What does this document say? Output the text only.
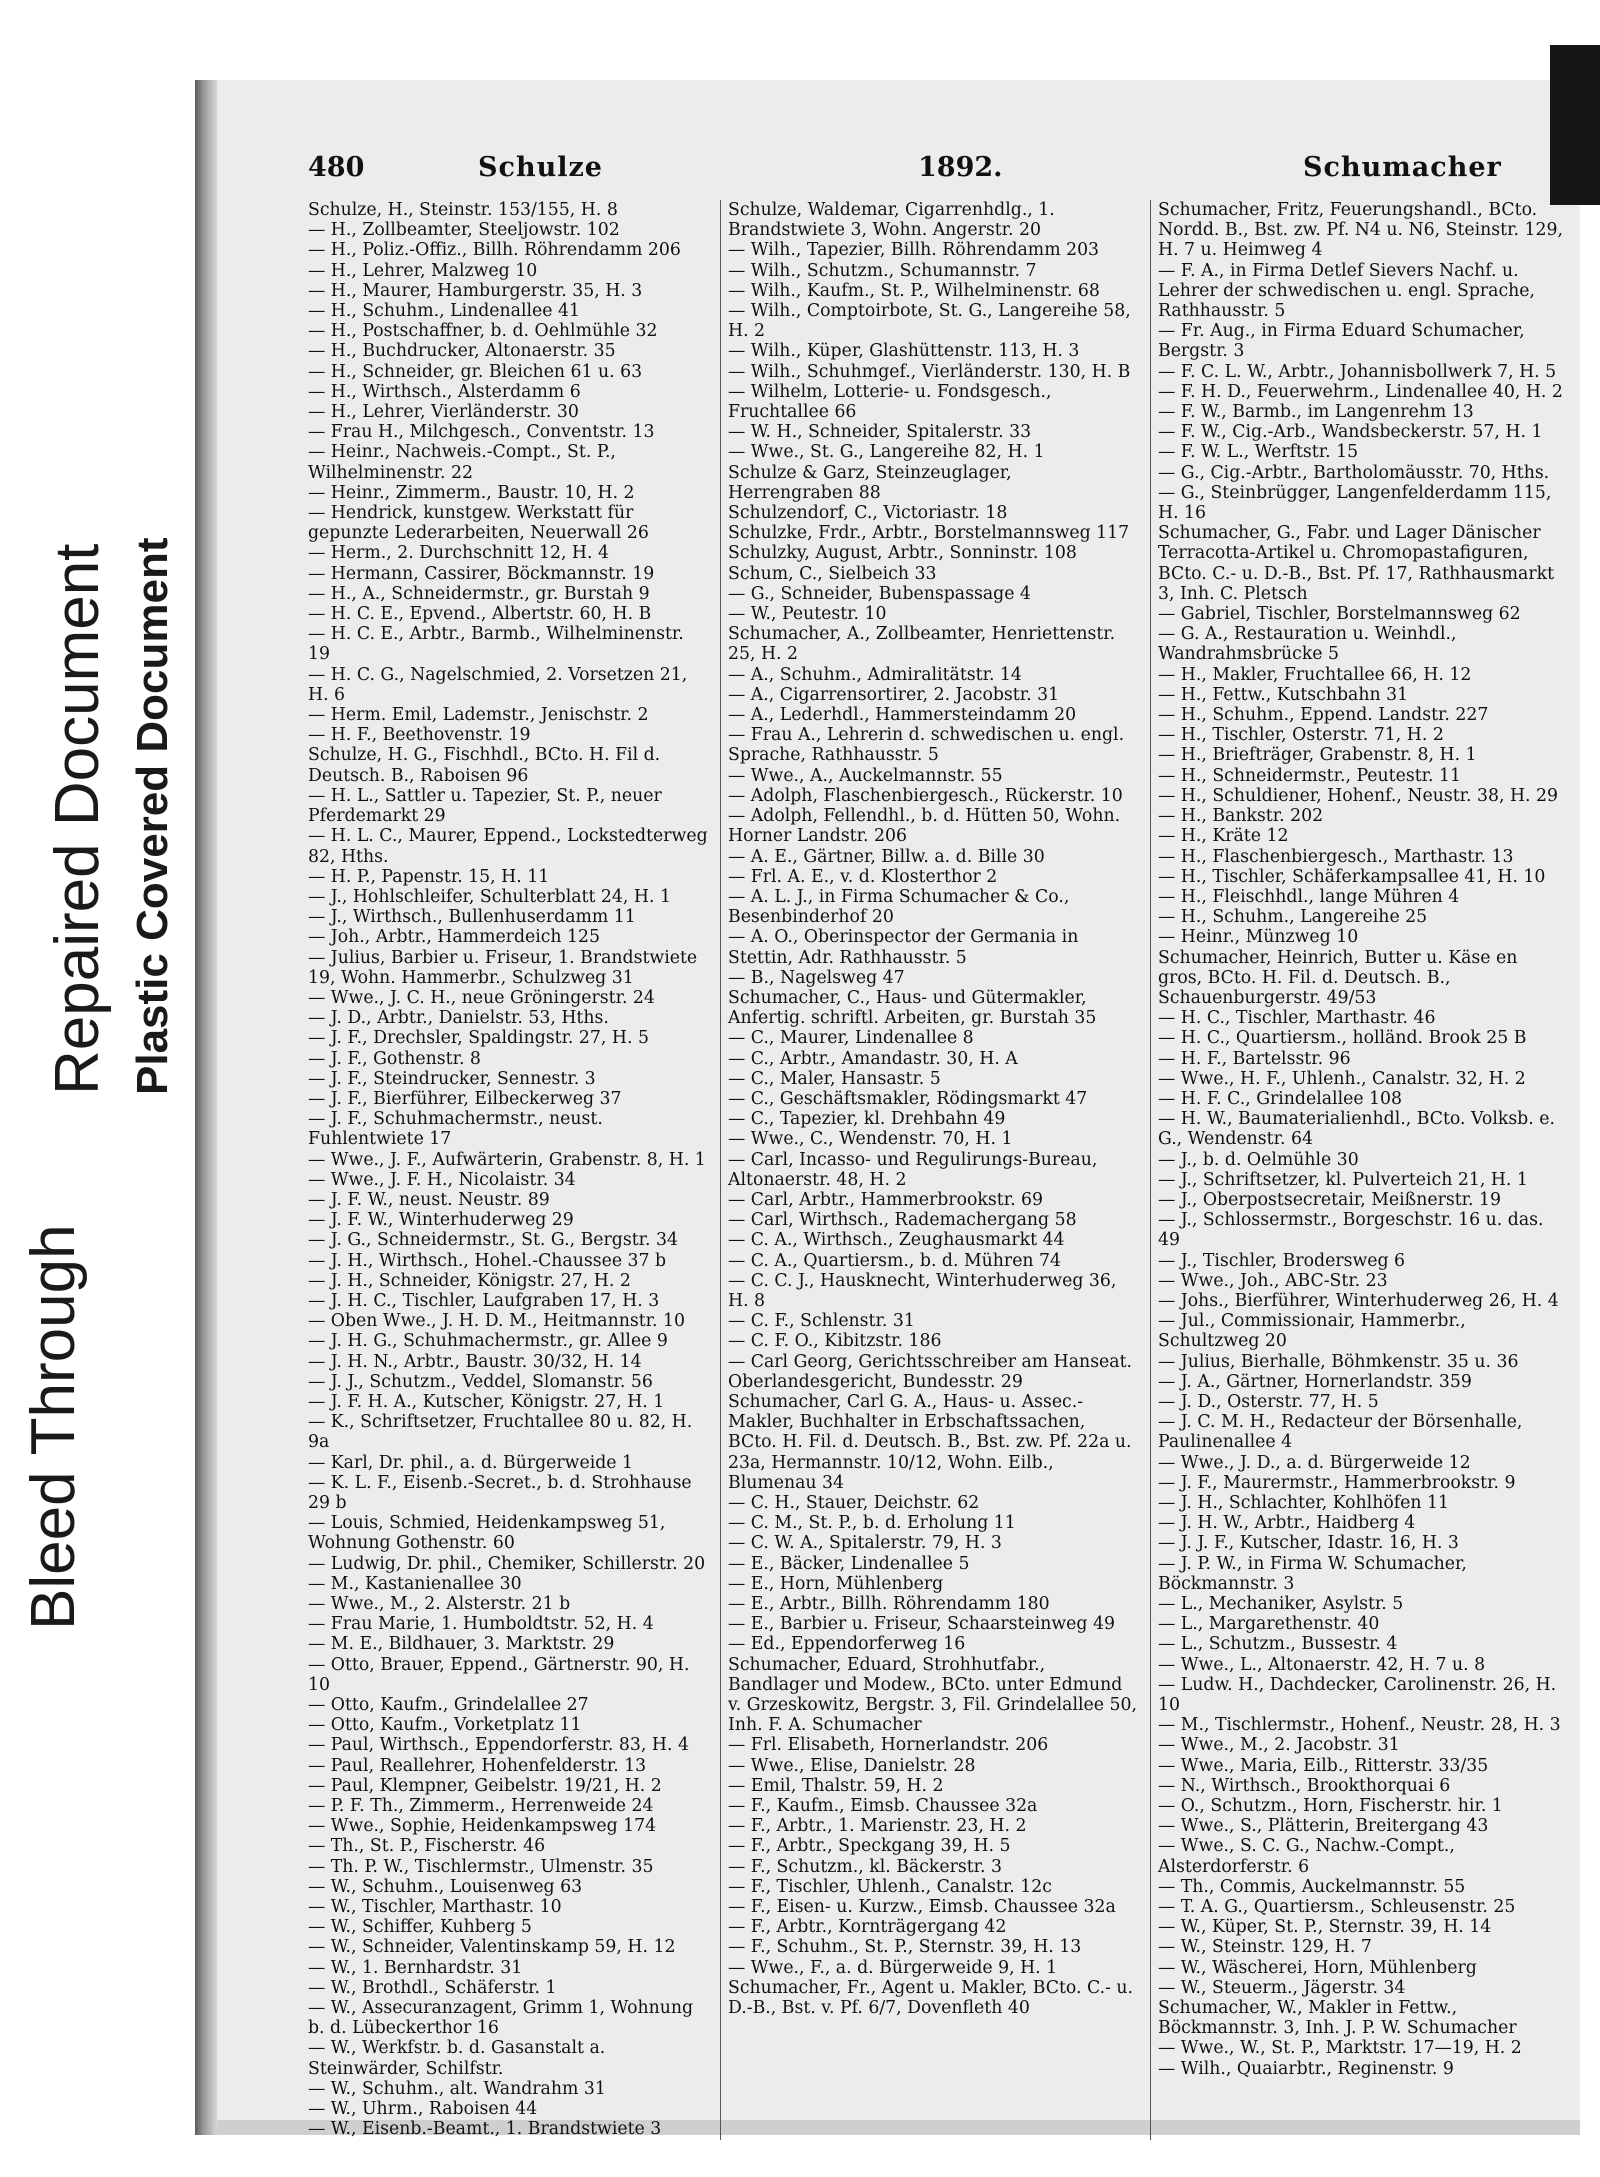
Bleed Through
Repaired Document Plastic Covered Document
480	Schulze	1892.	Schumacher
Schulze, H., Steinstr. 153/155, H. 8
— H., Zollbeamter, Steeljowstr. 102
— H., Poliz.-Offiz., Billh. Röhrendamm 206
— H., Lehrer, Malzweg 10
— H., Maurer, Hamburgerstr. 35, H. 3
— H., Schuhm., Lindenallee 41
— H., Postschaffner, b. d. Oehlmühle 32
— H., Buchdrucker, Altonaerstr. 35
— H., Schneider, gr. Bleichen 61 u. 63
— H., Wirthsch., Alsterdamm 6
— H., Lehrer, Vierländerstr. 30
— Frau H., Milchgesch., Conventstr. 13
— Heinr., Nachweis.-Compt., St. P., Wilhelminenstr. 22
— Heinr., Zimmerm., Baustr. 10, H. 2
— Hendrick, kunstgew. Werkstatt für gepunzte Lederarbeiten, Neuerwall 26
— Herm., 2. Durchschnitt 12, H. 4
— Hermann, Cassirer, Böckmannstr. 19
— H., A., Schneidermstr., gr. Burstah 9
— H. C. E., Epvend., Albertstr. 60, H. B
— H. C. E., Arbtr., Barmb., Wilhelminenstr. 19
— H. C. G., Nagelschmied, 2. Vorsetzen 21, H. 6
— Herm. Emil, Lademstr., Jenischstr. 2
— H. F., Beethovenstr. 19
Schulze, H. G., Fischhdl., BCto. H. Fil d. Deutsch. B., Raboisen 96
— H. L., Sattler u. Tapezier, St. P., neuer Pferdemarkt 29
— H. L. C., Maurer, Eppend., Lockstedterweg 82, Hths.
— H. P., Papenstr. 15, H. 11
— J., Hohlschleifer, Schulterblatt 24, H. 1
— J., Wirthsch., Bullenhuserdamm 11
— Joh., Arbtr., Hammerdeich 125
— Julius, Barbier u. Friseur, 1. Brandstwiete 19, Wohn. Hammerbr., Schulzweg 31
— Wwe., J. C. H., neue Gröningerstr. 24
— J. D., Arbtr., Danielstr. 53, Hths.
— J. F., Drechsler, Spaldingstr. 27, H. 5
— J. F., Gothenstr. 8
— J. F., Steindrucker, Sennestr. 3
— J. F., Bierführer, Eilbeckerweg 37
— J. F., Schuhmachermstr., neust. Fuhlentwiete 17
— Wwe., J. F., Aufwärterin, Grabenstr. 8, H. 1
— Wwe., J. F. H., Nicolaistr. 34
— J. F. W., neust. Neustr. 89
— J. F. W., Winterhuderweg 29
— J. G., Schneidermstr., St. G., Bergstr. 34
— J. H., Wirthsch., Hohel.-Chaussee 37 b
— J. H., Schneider, Königstr. 27, H. 2
— J. H. C., Tischler, Laufgraben 17, H. 3
— Oben Wwe., J. H. D. M., Heitmannstr. 10
— J. H. G., Schuhmachermstr., gr. Allee 9
— J. H. N., Arbtr., Baustr. 30/32, H. 14
— J. J., Schutzm., Veddel, Slomanstr. 56
— J. F. H. A., Kutscher, Königstr. 27, H. 1
— K., Schriftsetzer, Fruchtallee 80 u. 82, H. 9a
— Karl, Dr. phil., a. d. Bürgerweide 1
— K. L. F., Eisenb.-Secret., b. d. Strohhause 29 b
— Louis, Schmied, Heidenkampsweg 51, Wohnung Gothenstr. 60
— Ludwig, Dr. phil., Chemiker, Schillerstr. 20
— M., Kastanienallee 30
— Wwe., M., 2. Alsterstr. 21 b
— Frau Marie, 1. Humboldtstr. 52, H. 4
— M. E., Bildhauer, 3. Marktstr. 29
— Otto, Brauer, Eppend., Gärtnerstr. 90, H. 10
— Otto, Kaufm., Grindelallee 27
— Otto, Kaufm., Vorketplatz 11
— Paul, Wirthsch., Eppendorferstr. 83, H. 4
— Paul, Reallehrer, Hohenfelderstr. 13
— Paul, Klempner, Geibelstr. 19/21, H. 2
— P. F. Th., Zimmerm., Herrenweide 24
— Wwe., Sophie, Heidenkampsweg 174
— Th., St. P., Fischerstr. 46
— Th. P. W., Tischlermstr., Ulmenstr. 35
— W., Schuhm., Louisenweg 63
— W., Tischler, Marthastr. 10
— W., Schiffer, Kuhberg 5
— W., Schneider, Valentinskamp 59, H. 12
— W., 1. Bernhardstr. 31
— W., Brothdl., Schäferstr. 1
— W., Assecuranzagent, Grimm 1, Wohnung b. d. Lübeckerthor 16
— W., Werkfstr. b. d. Gasanstalt a. Steinwärder, Schilfstr.
— W., Schuhm., alt. Wandrahm 31
— W., Uhrm., Raboisen 44
— W., Eisenb.-Beamt., 1. Brandstwiete 3
Schulze, Waldemar, Cigarrenhdlg., 1. Brandstwiete 3, Wohn. Angerstr. 20
— Wilh., Tapezier, Billh. Röhrendamm 203
— Wilh., Schutzm., Schumannstr. 7
— Wilh., Kaufm., St. P., Wilhelminenstr. 68
— Wilh., Comptoirbote, St. G., Langereihe 58, H. 2
— Wilh., Küper, Glashüttenstr. 113, H. 3
— Wilh., Schuhmgef., Vierländerstr. 130, H. B
— Wilhelm, Lotterie- u. Fondsgesch., Fruchtallee 66
— W. H., Schneider, Spitalerstr. 33
— Wwe., St. G., Langereihe 82, H. 1
Schulze & Garz, Steinzeuglager, Herrengraben 88
Schulzendorf, C., Victoriastr. 18
Schulzke, Frdr., Arbtr., Borstelmannsweg 117
Schulzky, August, Arbtr., Sonninstr. 108
Schum, C., Sielbeich 33
— G., Schneider, Bubenspassage 4
— W., Peutestr. 10
Schumacher, A., Zollbeamter, Henriettenstr. 25, H. 2
— A., Schuhm., Admiralitätstr. 14
— A., Cigarrensortirer, 2. Jacobstr. 31
— A., Lederhdl., Hammersteindamm 20
— Frau A., Lehrerin d. schwedischen u. engl. Sprache, Rathhausstr. 5
— Wwe., A., Auckelmannstr. 55
— Adolph, Flaschenbiergesch., Rückerstr. 10
— Adolph, Fellendhl., b. d. Hütten 50, Wohn. Horner Landstr. 206
— A. E., Gärtner, Billw. a. d. Bille 30
— Frl. A. E., v. d. Klosterthor 2
— A. L. J., in Firma Schumacher & Co., Besenbinderhof 20
— A. O., Oberinspector der Germania in Stettin, Adr. Rathhausstr. 5
— B., Nagelsweg 47
Schumacher, C., Haus- und Gütermakler, Anfertig. schriftl. Arbeiten, gr. Burstah 35
— C., Maurer, Lindenallee 8
— C., Arbtr., Amandastr. 30, H. A
— C., Maler, Hansastr. 5
— C., Geschäftsmakler, Rödingsmarkt 47
— C., Tapezier, kl. Drehbahn 49
— Wwe., C., Wendenstr. 70, H. 1
— Carl, Incasso- und Regulirungs-Bureau, Altonaerstr. 48, H. 2
— Carl, Arbtr., Hammerbrookstr. 69
— Carl, Wirthsch., Rademachergang 58
— C. A., Wirthsch., Zeughausmarkt 44
— C. A., Quartiersm., b. d. Mühren 74
— C. C. J., Hausknecht, Winterhuderweg 36, H. 8
— C. F., Schlenstr. 31
— C. F. O., Kibitzstr. 186
— Carl Georg, Gerichtsschreiber am Hanseat. Oberlandesgericht, Bundesstr. 29
Schumacher, Carl G. A., Haus- u. Assec.-Makler, Buchhalter in Erbschaftssachen, BCto. H. Fil. d. Deutsch. B., Bst. zw. Pf. 22a u. 23a, Hermannstr. 10/12, Wohn. Eilb., Blumenau 34
— C. H., Stauer, Deichstr. 62
— C. M., St. P., b. d. Erholung 11
— C. W. A., Spitalerstr. 79, H. 3
— E., Bäcker, Lindenallee 5
— E., Horn, Mühlenberg
— E., Arbtr., Billh. Röhrendamm 180
— E., Barbier u. Friseur, Schaarsteinweg 49
— Ed., Eppendorferweg 16
Schumacher, Eduard, Strohhutfabr., Bandlager und Modew., BCto. unter Edmund v. Grzeskowitz, Bergstr. 3, Fil. Grindelallee 50, Inh. F. A. Schumacher
— Frl. Elisabeth, Hornerlandstr. 206
— Wwe., Elise, Danielstr. 28
— Emil, Thalstr. 59, H. 2
— F., Kaufm., Eimsb. Chaussee 32a
— F., Arbtr., 1. Marienstr. 23, H. 2
— F., Arbtr., Speckgang 39, H. 5
— F., Schutzm., kl. Bäckerstr. 3
— F., Tischler, Uhlenh., Canalstr. 12c
— F., Eisen- u. Kurzw., Eimsb. Chaussee 32a
— F., Arbtr., Kornträgergang 42
— F., Schuhm., St. P., Sternstr. 39, H. 13
— Wwe., F., a. d. Bürgerweide 9, H. 1
Schumacher, Fr., Agent u. Makler, BCto. C.- u. D.-B., Bst. v. Pf. 6/7, Dovenfleth 40
Schumacher, Fritz, Feuerungshandl., BCto. Nordd. B., Bst. zw. Pf. N4 u. N6, Steinstr. 129, H. 7 u. Heimweg 4
— F. A., in Firma Detlef Sievers Nachf. u. Lehrer der schwedischen u. engl. Sprache, Rathhausstr. 5
— Fr. Aug., in Firma Eduard Schumacher, Bergstr. 3
— F. C. L. W., Arbtr., Johannisbollwerk 7, H. 5
— F. H. D., Feuerwehrm., Lindenallee 40, H. 2
— F. W., Barmb., im Langenrehm 13
— F. W., Cig.-Arb., Wandsbeckerstr. 57, H. 1
— F. W. L., Werftstr. 15
— G., Cig.-Arbtr., Bartholomäusstr. 70, Hths.
— G., Steinbrügger, Langenfelderdamm 115, H. 16
Schumacher, G., Fabr. und Lager Dänischer Terracotta-Artikel u. Chromopastafiguren, BCto. C.- u. D.-B., Bst. Pf. 17, Rathhausmarkt 3, Inh. C. Pletsch
— Gabriel, Tischler, Borstelmannsweg 62
— G. A., Restauration u. Weinhdl., Wandrahmsbrücke 5
— H., Makler, Fruchtallee 66, H. 12
— H., Fettw., Kutschbahn 31
— H., Schuhm., Eppend. Landstr. 227
— H., Tischler, Osterstr. 71, H. 2
— H., Briefträger, Grabenstr. 8, H. 1
— H., Schneidermstr., Peutestr. 11
— H., Schuldiener, Hohenf., Neustr. 38, H. 29
— H., Bankstr. 202
— H., Kräte 12
— H., Flaschenbiergesch., Marthastr. 13
— H., Tischler, Schäferkampsallee 41, H. 10
— H., Fleischhdl., lange Mühren 4
— H., Schuhm., Langereihe 25
— Heinr., Münzweg 10
Schumacher, Heinrich, Butter u. Käse en gros, BCto. H. Fil. d. Deutsch. B., Schauenburgerstr. 49/53
— H. C., Tischler, Marthastr. 46
— H. C., Quartiersm., holländ. Brook 25 B
— H. F., Bartelsstr. 96
— Wwe., H. F., Uhlenh., Canalstr. 32, H. 2
— H. F. C., Grindelallee 108
— H. W., Baumaterialienhdl., BCto. Volksb. e. G., Wendenstr. 64
— J., b. d. Oelmühle 30
— J., Schriftsetzer, kl. Pulverteich 21, H. 1
— J., Oberpostsecretair, Meißnerstr. 19
— J., Schlossermstr., Borgeschstr. 16 u. das. 49
— J., Tischler, Brodersweg 6
— Wwe., Joh., ABC-Str. 23
— Johs., Bierführer, Winterhuderweg 26, H. 4
— Jul., Commissionair, Hammerbr., Schultzweg 20
— Julius, Bierhalle, Böhmkenstr. 35 u. 36
— J. A., Gärtner, Hornerlandstr. 359
— J. D., Osterstr. 77, H. 5
— J. C. M. H., Redacteur der Börsenhalle, Paulinenallee 4
— Wwe., J. D., a. d. Bürgerweide 12
— J. F., Maurermstr., Hammerbrookstr. 9
— J. H., Schlachter, Kohlhöfen 11
— J. H. W., Arbtr., Haidberg 4
— J. J. F., Kutscher, Idastr. 16, H. 3
— J. P. W., in Firma W. Schumacher, Böckmannstr. 3
— L., Mechaniker, Asylstr. 5
— L., Margarethenstr. 40
— L., Schutzm., Bussestr. 4
— Wwe., L., Altonaerstr. 42, H. 7 u. 8
— Ludw. H., Dachdecker, Carolinenstr. 26, H. 10
— M., Tischlermstr., Hohenf., Neustr. 28, H. 3
— Wwe., M., 2. Jacobstr. 31
— Wwe., Maria, Eilb., Ritterstr. 33/35
— N., Wirthsch., Brookthorquai 6
— O., Schutzm., Horn, Fischerstr. hir. 1
— Wwe., S., Plätterin, Breitergang 43
— Wwe., S. C. G., Nachw.-Compt., Alsterdorferstr. 6
— Th., Commis, Auckelmannstr. 55
— T. A. G., Quartiersm., Schleusenstr. 25
— W., Küper, St. P., Sternstr. 39, H. 14
— W., Steinstr. 129, H. 7
— W., Wäscherei, Horn, Mühlenberg
— W., Steuerm., Jägerstr. 34
Schumacher, W., Makler in Fettw., Böckmannstr. 3, Inh. J. P. W. Schumacher
— Wwe., W., St. P., Marktstr. 17—19, H. 2
— Wilh., Quaiarbtr., Reginenstr. 9
